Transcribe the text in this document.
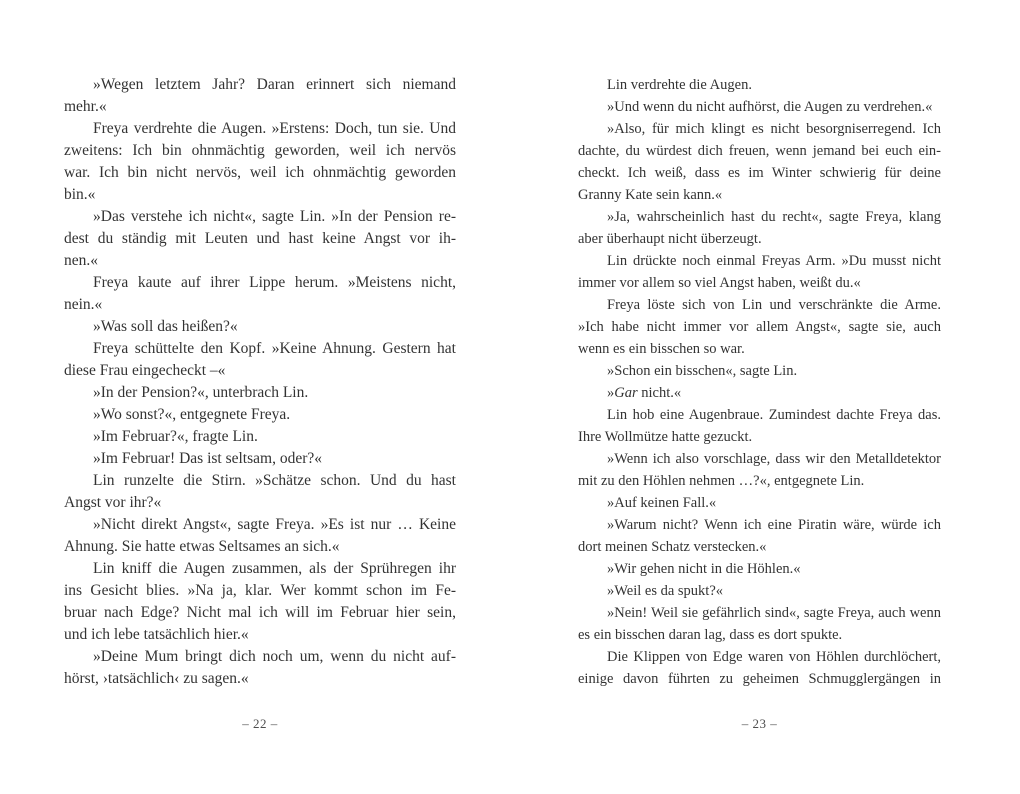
»Wegen letztem Jahr? Daran erinnert sich niemand
mehr.«
Freya verdrehte die Augen. »Erstens: Doch, tun sie. Und
zweitens: Ich bin ohnmächtig geworden, weil ich nervös
war. Ich bin nicht nervös, weil ich ohnmächtig geworden
bin.«
»Das verstehe ich nicht«, sagte Lin. »In der Pension re-
dest du ständig mit Leuten und hast keine Angst vor ih-
nen.«
Freya kaute auf ihrer Lippe herum. »Meistens nicht,
nein.«
»Was soll das heißen?«
Freya schüttelte den Kopf. »Keine Ahnung. Gestern hat
diese Frau eingecheckt –«
»In der Pension?«, unterbrach Lin.
»Wo sonst?«, entgegnete Freya.
»Im Februar?«, fragte Lin.
»Im Februar! Das ist seltsam, oder?«
Lin runzelte die Stirn. »Schätze schon. Und du hast
Angst vor ihr?«
»Nicht direkt Angst«, sagte Freya. »Es ist nur … Keine
Ahnung. Sie hatte etwas Seltsames an sich.«
Lin kniff die Augen zusammen, als der Sprühregen ihr
ins Gesicht blies. »Na ja, klar. Wer kommt schon im Fe-
bruar nach Edge? Nicht mal ich will im Februar hier sein,
und ich lebe tatsächlich hier.«
»Deine Mum bringt dich noch um, wenn du nicht auf-
hörst, ›tatsächlich‹ zu sagen.«
– 22 –
Lin verdrehte die Augen.
»Und wenn du nicht aufhörst, die Augen zu verdrehen.«
»Also, für mich klingt es nicht besorgniserregend. Ich
dachte, du würdest dich freuen, wenn jemand bei euch ein-
checkt. Ich weiß, dass es im Winter schwierig für deine
Granny Kate sein kann.«
»Ja, wahrscheinlich hast du recht«, sagte Freya, klang
aber überhaupt nicht überzeugt.
Lin drückte noch einmal Freyas Arm. »Du musst nicht
immer vor allem so viel Angst haben, weißt du.«
Freya löste sich von Lin und verschränkte die Arme.
»Ich habe nicht immer vor allem Angst«, sagte sie, auch
wenn es ein bisschen so war.
»Schon ein bisschen«, sagte Lin.
»Gar nicht.«
Lin hob eine Augenbraue. Zumindest dachte Freya das.
Ihre Wollmütze hatte gezuckt.
»Wenn ich also vorschlage, dass wir den Metalldetektor
mit zu den Höhlen nehmen …?«, entgegnete Lin.
»Auf keinen Fall.«
»Warum nicht? Wenn ich eine Piratin wäre, würde ich
dort meinen Schatz verstecken.«
»Wir gehen nicht in die Höhlen.«
»Weil es da spukt?«
»Nein! Weil sie gefährlich sind«, sagte Freya, auch wenn
es ein bisschen daran lag, dass es dort spukte.
Die Klippen von Edge waren von Höhlen durchlöchert,
einige davon führten zu geheimen Schmugglergängen in
– 23 –
